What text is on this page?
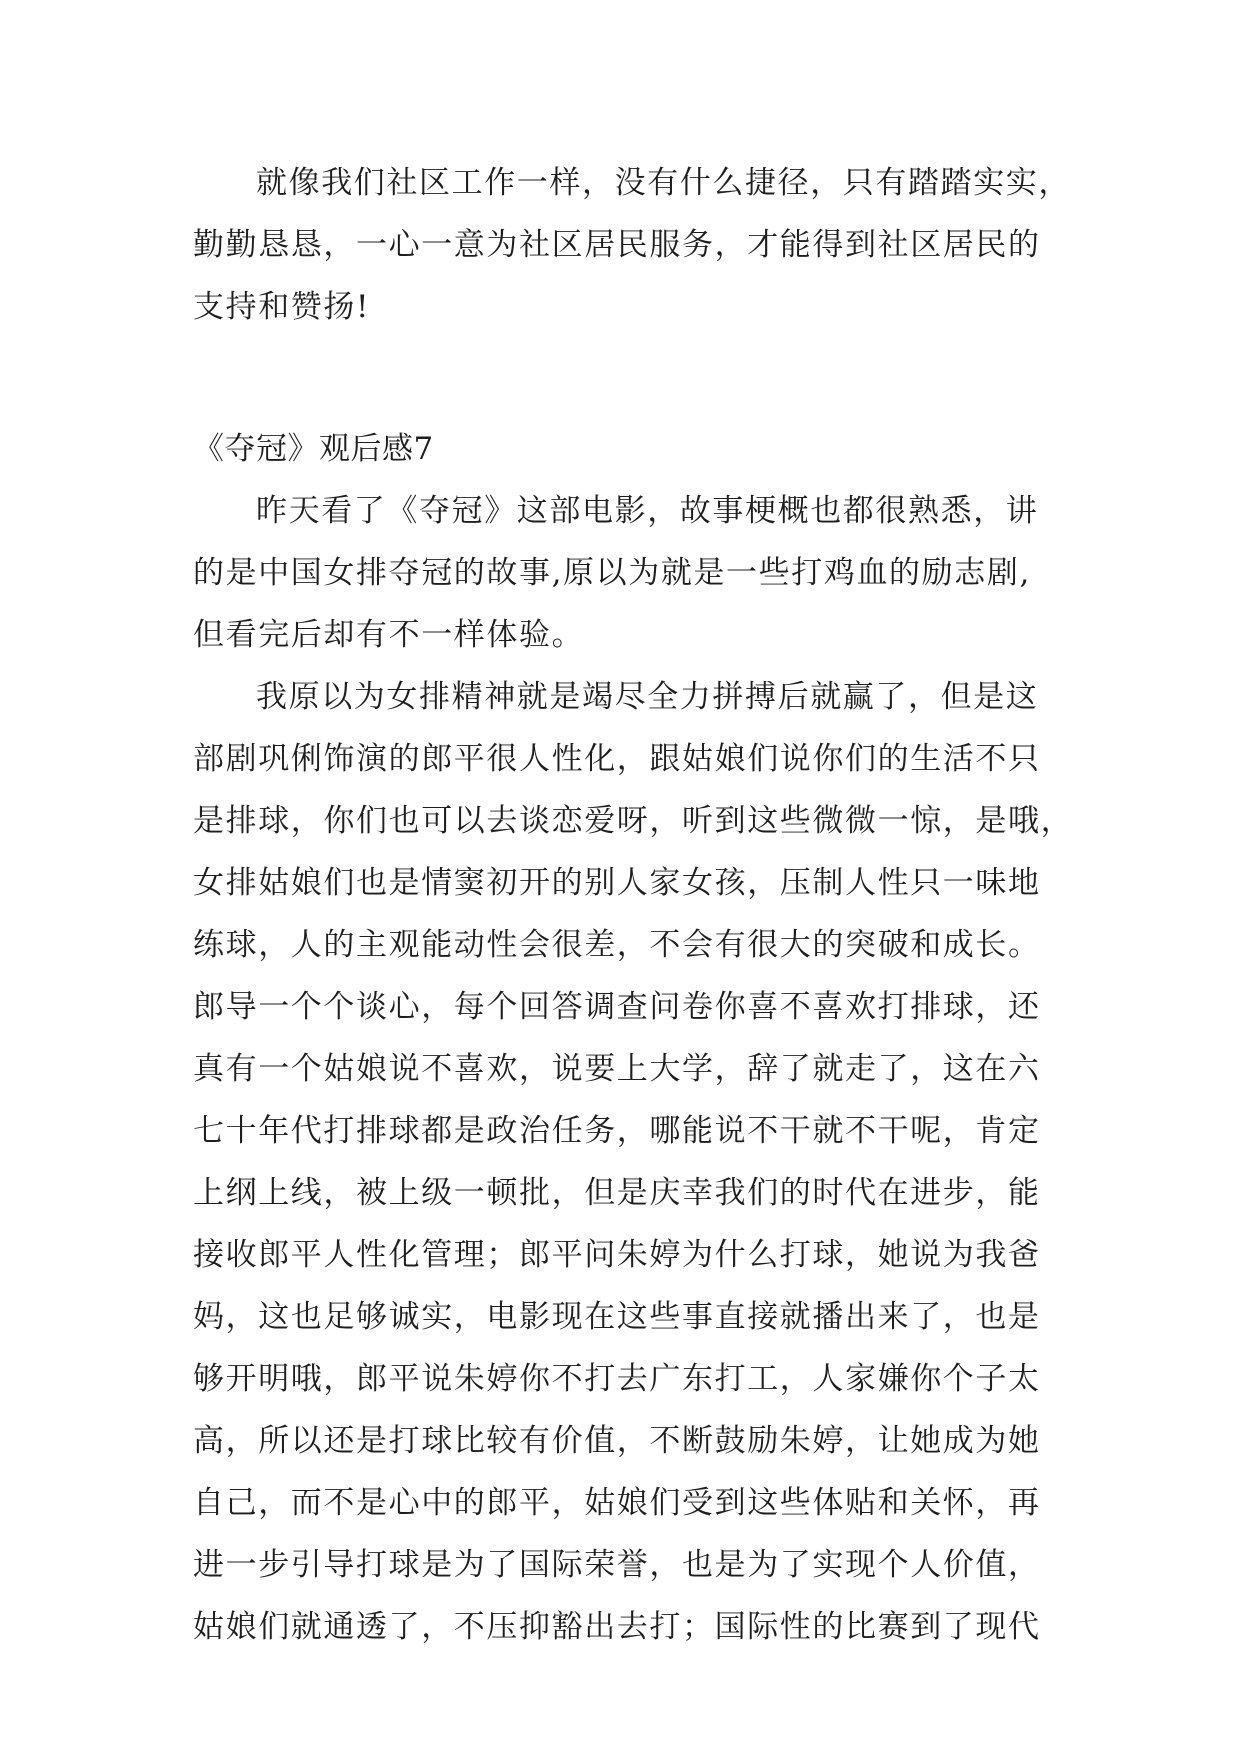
就像我们社区工作一样，没有什么捷径，只有踏踏实实，
勤勤恳恳，一心一意为社区居民服务，才能得到社区居民的
支持和赞扬!
《夺冠》观后感7
昨天看了《夺冠》这部电影，故事梗概也都很熟悉，讲
的是中国女排夺冠的故事,原以为就是一些打鸡血的励志剧,
但看完后却有不一样体验。
我原以为女排精神就是竭尽全力拼搏后就赢了，但是这
部剧巩俐饰演的郎平很人性化，跟姑娘们说你们的生活不只
是排球，你们也可以去谈恋爱呀，听到这些微微一惊，是哦，
女排姑娘们也是情窦初开的别人家女孩，压制人性只一味地
练球，人的主观能动性会很差，不会有很大的突破和成长。
郎导一个个谈心，每个回答调查问卷你喜不喜欢打排球，还
真有一个姑娘说不喜欢，说要上大学，辞了就走了，这在六
七十年代打排球都是政治任务，哪能说不干就不干呢，肯定
上纲上线，被上级一顿批，但是庆幸我们的时代在进步，能
接收郎平人性化管理；郎平问朱婷为什么打球，她说为我爸
妈，这也足够诚实，电影现在这些事直接就播出来了，也是
够开明哦，郎平说朱婷你不打去广东打工，人家嫌你个子太
高，所以还是打球比较有价值，不断鼓励朱婷，让她成为她
自己，而不是心中的郎平，姑娘们受到这些体贴和关怀，再
进一步引导打球是为了国际荣誉，也是为了实现个人价值，
姑娘们就通透了，不压抑豁出去打；国际性的比赛到了现代
